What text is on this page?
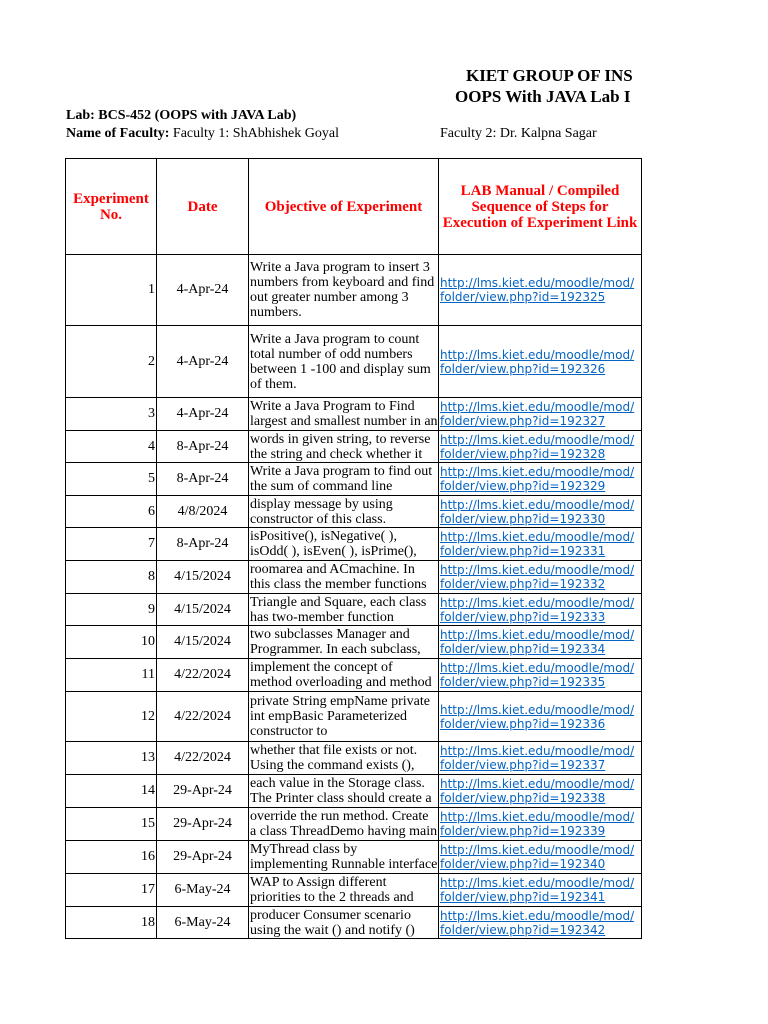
KIET GROUP OF INS
OOPS With JAVA Lab I
Lab: BCS-452 (OOPS with JAVA Lab)
Name of Faculty: Faculty 1: ShAbhishek Goyal	Faculty 2: Dr. Kalpna Sagar
Experiment No.	Date	Objective of Experiment	LAB Manual / Compiled Sequence of Steps for Execution of Experiment Link
1	4-Apr-24	Write a Java program to insert 3 numbers from keyboard and find out greater number among 3 numbers.	http://lms.kiet.edu/moodle/mod/
folder/view.php?id=192325

2	4-Apr-24	Write a Java program to count total number of odd numbers between 1 -100 and display sum of them.	http://lms.kiet.edu/moodle/mod/
folder/view.php?id=192326

3	4-Apr-24	Write a Java Program to Find largest and smallest number in an	http://lms.kiet.edu/moodle/mod/
folder/view.php?id=192327

4	8-Apr-24	words in given string, to reverse the string and check whether it	http://lms.kiet.edu/moodle/mod/
folder/view.php?id=192328

5	8-Apr-24	Write a Java program to find out the sum of command line	http://lms.kiet.edu/moodle/mod/
folder/view.php?id=192329

6	4/8/2024	display message by using constructor of this class.	http://lms.kiet.edu/moodle/mod/
folder/view.php?id=192330

7	8-Apr-24	isPositive(), isNegative( ), isOdd( ), isEven( ), isPrime(),	http://lms.kiet.edu/moodle/mod/
folder/view.php?id=192331

8	4/15/2024	roomarea and ACmachine. In this class the member functions	http://lms.kiet.edu/moodle/mod/
folder/view.php?id=192332

9	4/15/2024	Triangle and Square, each class has two-member function	http://lms.kiet.edu/moodle/mod/
folder/view.php?id=192333

10	4/15/2024	two subclasses Manager and Programmer. In each subclass,	http://lms.kiet.edu/moodle/mod/
folder/view.php?id=192334

11	4/22/2024	implement the concept of method overloading and method	http://lms.kiet.edu/moodle/mod/
folder/view.php?id=192335

12	4/22/2024	private String empName private int empBasic Parameterized constructor to	http://lms.kiet.edu/moodle/mod/
folder/view.php?id=192336

13	4/22/2024	whether that file exists or not. Using the command exists (),	http://lms.kiet.edu/moodle/mod/
folder/view.php?id=192337

14	29-Apr-24	each value in the Storage class. The Printer class should create a	http://lms.kiet.edu/moodle/mod/
folder/view.php?id=192338

15	29-Apr-24	override the run method. Create a class ThreadDemo having main	http://lms.kiet.edu/moodle/mod/
folder/view.php?id=192339

16	29-Apr-24	MyThread class by implementing Runnable interface	http://lms.kiet.edu/moodle/mod/
folder/view.php?id=192340

17	6-May-24	WAP to Assign different priorities to the 2 threads and	http://lms.kiet.edu/moodle/mod/
folder/view.php?id=192341

18	6-May-24	producer Consumer scenario using the wait () and notify ()	http://lms.kiet.edu/moodle/mod/
folder/view.php?id=192342
